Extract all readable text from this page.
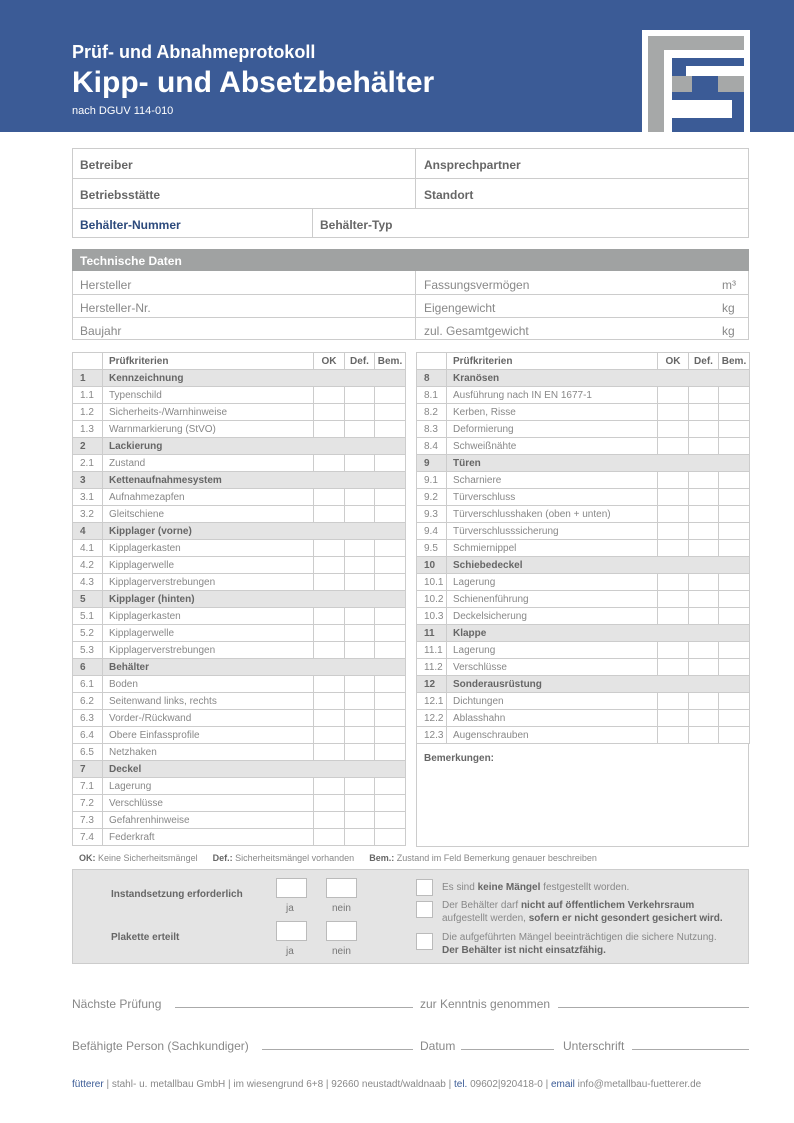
Prüf- und Abnahmeprotokoll
Kipp- und Absetzbehälter
nach DGUV 114-010
Betreiber	Ansprechpartner
Betriebsstätte	Standort
Behälter-Nummer	Behälter-Typ
Technische Daten
Hersteller	Fassungsvermögen	m³
Hersteller-Nr.	Eigengewicht	kg
Baujahr	zul. Gesamtgewicht	kg
	Prüfkriterien	OK	Def.	Bem.
1	Kennzeichnung			
1.1	Typenschild			
1.2	Sicherheits-/Warnhinweise			
1.3	Warnmarkierung (StVO)			
2	Lackierung			
2.1	Zustand			
3	Kettenaufnahmesystem			
3.1	Aufnahmezapfen			
3.2	Gleitschiene			
4	Kipplager (vorne)			
4.1	Kipplagerkasten			
4.2	Kipplagerwelle			
4.3	Kipplagerverstrebungen			
5	Kipplager (hinten)			
5.1	Kipplagerkasten			
5.2	Kipplagerwelle			
5.3	Kipplagerverstrebungen			
6	Behälter			
6.1	Boden			
6.2	Seitenwand links, rechts			
6.3	Vorder-/Rückwand			
6.4	Obere Einfassprofile			
6.5	Netzhaken			
7	Deckel			
7.1	Lagerung			
7.2	Verschlüsse			
7.3	Gefahrenhinweise			
7.4	Federkraft			
	Prüfkriterien	OK	Def.	Bem.
8	Kranösen			
8.1	Ausführung nach IN EN 1677-1			
8.2	Kerben, Risse			
8.3	Deformierung			
8.4	Schweißnähte			
9	Türen			
9.1	Scharniere			
9.2	Türverschluss			
9.3	Türverschlusshaken (oben + unten)			
9.4	Türverschlusssicherung			
9.5	Schmiernippel			
10	Schiebedeckel			
10.1	Lagerung			
10.2	Schienenführung			
10.3	Deckelsicherung			
11	Klappe			
11.1	Lagerung			
11.2	Verschlüsse			
12	Sonderausrüstung			
12.1	Dichtungen			
12.2	Ablasshahn			
12.3	Augenschrauben			
Bemerkungen:
OK: Keine Sicherheitsmängel Def.: Sicherheitsmängel vorhanden Bem.: Zustand im Feld Bemerkung genauer beschreiben
Instandsetzung erforderlich
ja	nein
Plakette erteilt
ja	nein
Es sind keine Mängel festgestellt worden.
Der Behälter darf nicht auf öffentlichem Verkehrsraum
aufgestellt werden, sofern er nicht gesondert gesichert wird.
Die aufgeführten Mängel beeinträchtigen die sichere Nutzung.
Der Behälter ist nicht einsatzfähig.
Nächste Prüfung	zur Kenntnis genommen
Befähigte Person (Sachkundiger)	Datum	Unterschrift
fütterer | stahl- u. metallbau GmbH | im wiesengrund 6+8 | 92660 neustadt/waldnaab | tel. 09602|920418-0 | email info@metallbau-fuetterer.de
